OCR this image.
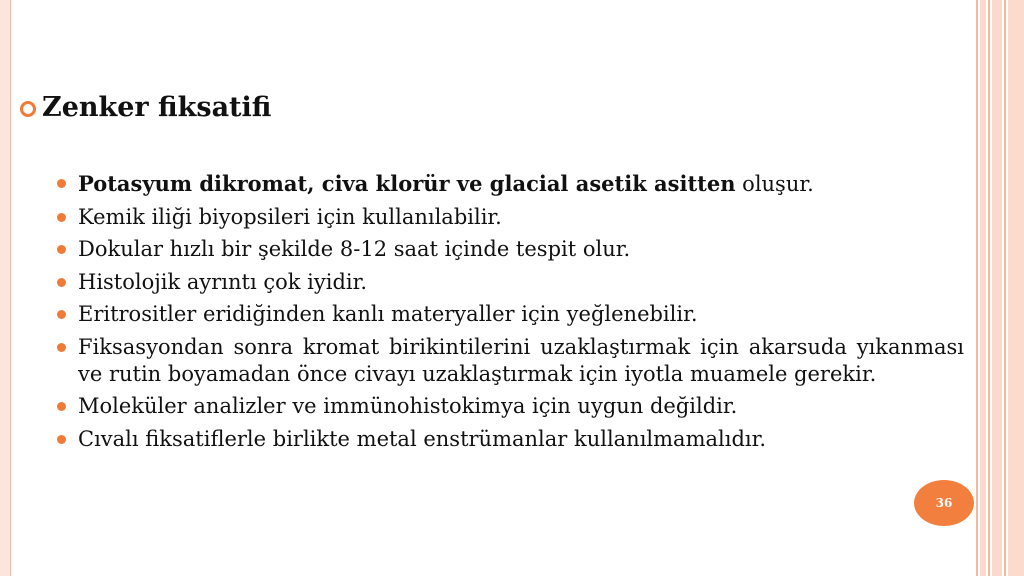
Zenker fiksatifi
Potasyum dikromat, civa klorür ve glacial asetik asitten oluşur.
Kemik iliği biyopsileri için kullanılabilir.
Dokular hızlı bir şekilde 8-12 saat içinde tespit olur.
Histolojik ayrıntı çok iyidir.
Eritrositler eridiğinden kanlı materyaller için yeğlenebilir.
Fiksasyondan sonra kromat birikintilerini uzaklaştırmak için akarsuda yıkanması ve rutin boyamadan önce civayı uzaklaştırmak için iyotla muamele gerekir.
Moleküler analizler ve immünohistokimya için uygun değildir.
Cıvalı fiksatiflerle birlikte metal enstrümanlar kullanılmamalıdır.
36
